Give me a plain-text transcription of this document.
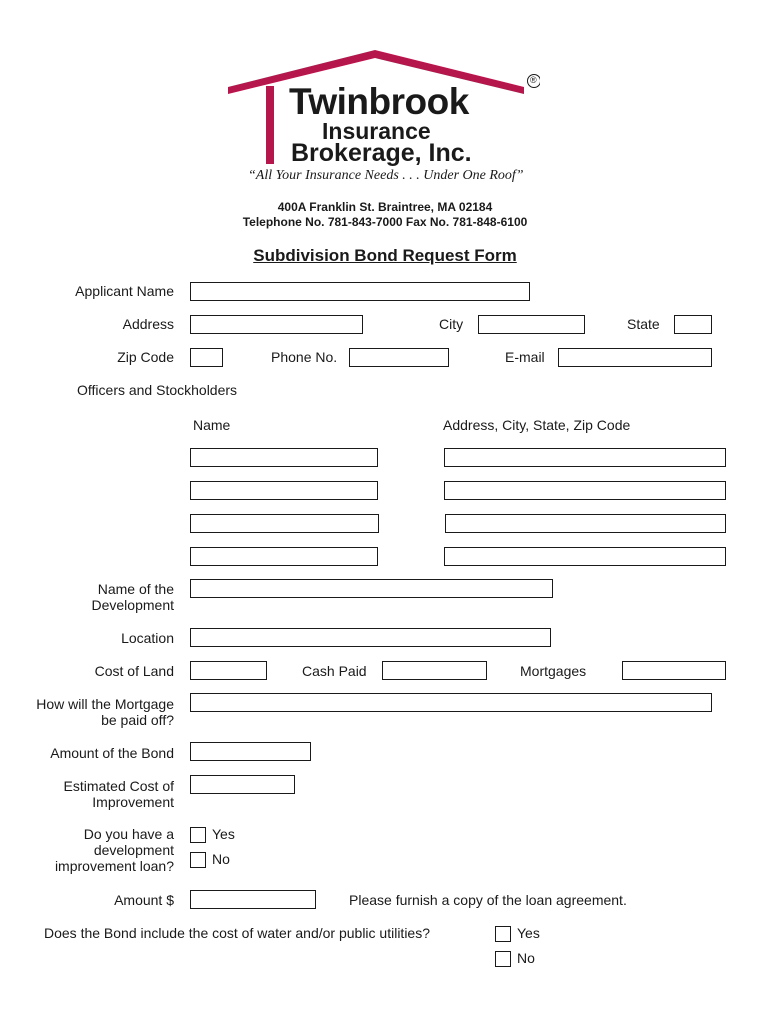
®
Twinbrook
Insurance
Brokerage, Inc.
“All Your Insurance Needs . . . Under One Roof”
400A Franklin St. Braintree, MA 02184
Telephone No. 781-843-7000 Fax No. 781-848-6100
Subdivision Bond Request Form
Applicant Name
Address	City	State
Zip Code	Phone No.	E-mail
Officers and Stockholders
Name	Address, City, State, Zip Code
Name of the
Development
Location
Cost of Land	Cash Paid	Mortgages
How will the Mortgage
be paid off?
Amount of the Bond
Estimated Cost of
Improvement
Do you have a
development
improvement loan?
Yes
No
Amount $	Please furnish a copy of the loan agreement.
Does the Bond include the cost of water and/or public utilities?	Yes
No
